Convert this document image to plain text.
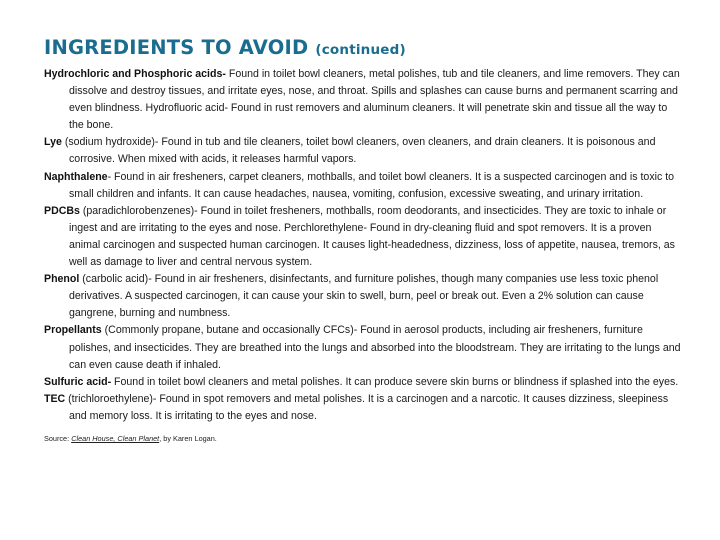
INGREDIENTS TO AVOID (continued)

Hydrochloric and Phosphoric acids- Found in toilet bowl cleaners, metal polishes, tub and tile cleaners, and lime removers. They can dissolve and destroy tissues, and irritate eyes, nose, and throat. Spills and splashes can cause burns and permanent scarring and even blindness. Hydrofluoric acid- Found in rust removers and aluminum cleaners. It will penetrate skin and tissue all the way to the bone.

Lye (sodium hydroxide)- Found in tub and tile cleaners, toilet bowl cleaners, oven cleaners, and drain cleaners. It is poisonous and corrosive. When mixed with acids, it releases harmful vapors.

Naphthalene- Found in air fresheners, carpet cleaners, mothballs, and toilet bowl cleaners. It is a suspected carcinogen and is toxic to small children and infants. It can cause headaches, nausea, vomiting, confusion, excessive sweating, and urinary irritation.

PDCBs (paradichlorobenzenes)- Found in toilet fresheners, mothballs, room deodorants, and insecticides. They are toxic to inhale or ingest and are irritating to the eyes and nose. Perchlorethylene- Found in dry-cleaning fluid and spot removers. It is a proven animal carcinogen and suspected human carcinogen. It causes light-headedness, dizziness, loss of appetite, nausea, tremors, as well as damage to liver and central nervous system.

Phenol (carbolic acid)- Found in air fresheners, disinfectants, and furniture polishes, though many companies use less toxic phenol derivatives. A suspected carcinogen, it can cause your skin to swell, burn, peel or break out. Even a 2% solution can cause gangrene, burning and numbness.

Propellants (Commonly propane, butane and occasionally CFCs)- Found in aerosol products, including air fresheners, furniture polishes, and insecticides. They are breathed into the lungs and absorbed into the bloodstream. They are irritating to the lungs and can even cause death if inhaled.

Sulfuric acid- Found in toilet bowl cleaners and metal polishes. It can produce severe skin burns or blindness if splashed into the eyes.

TEC (trichloroethylene)- Found in spot removers and metal polishes. It is a carcinogen and a narcotic. It causes dizziness, sleepiness and memory loss. It is irritating to the eyes and nose.

Source: Clean House, Clean Planet, by Karen Logan.
